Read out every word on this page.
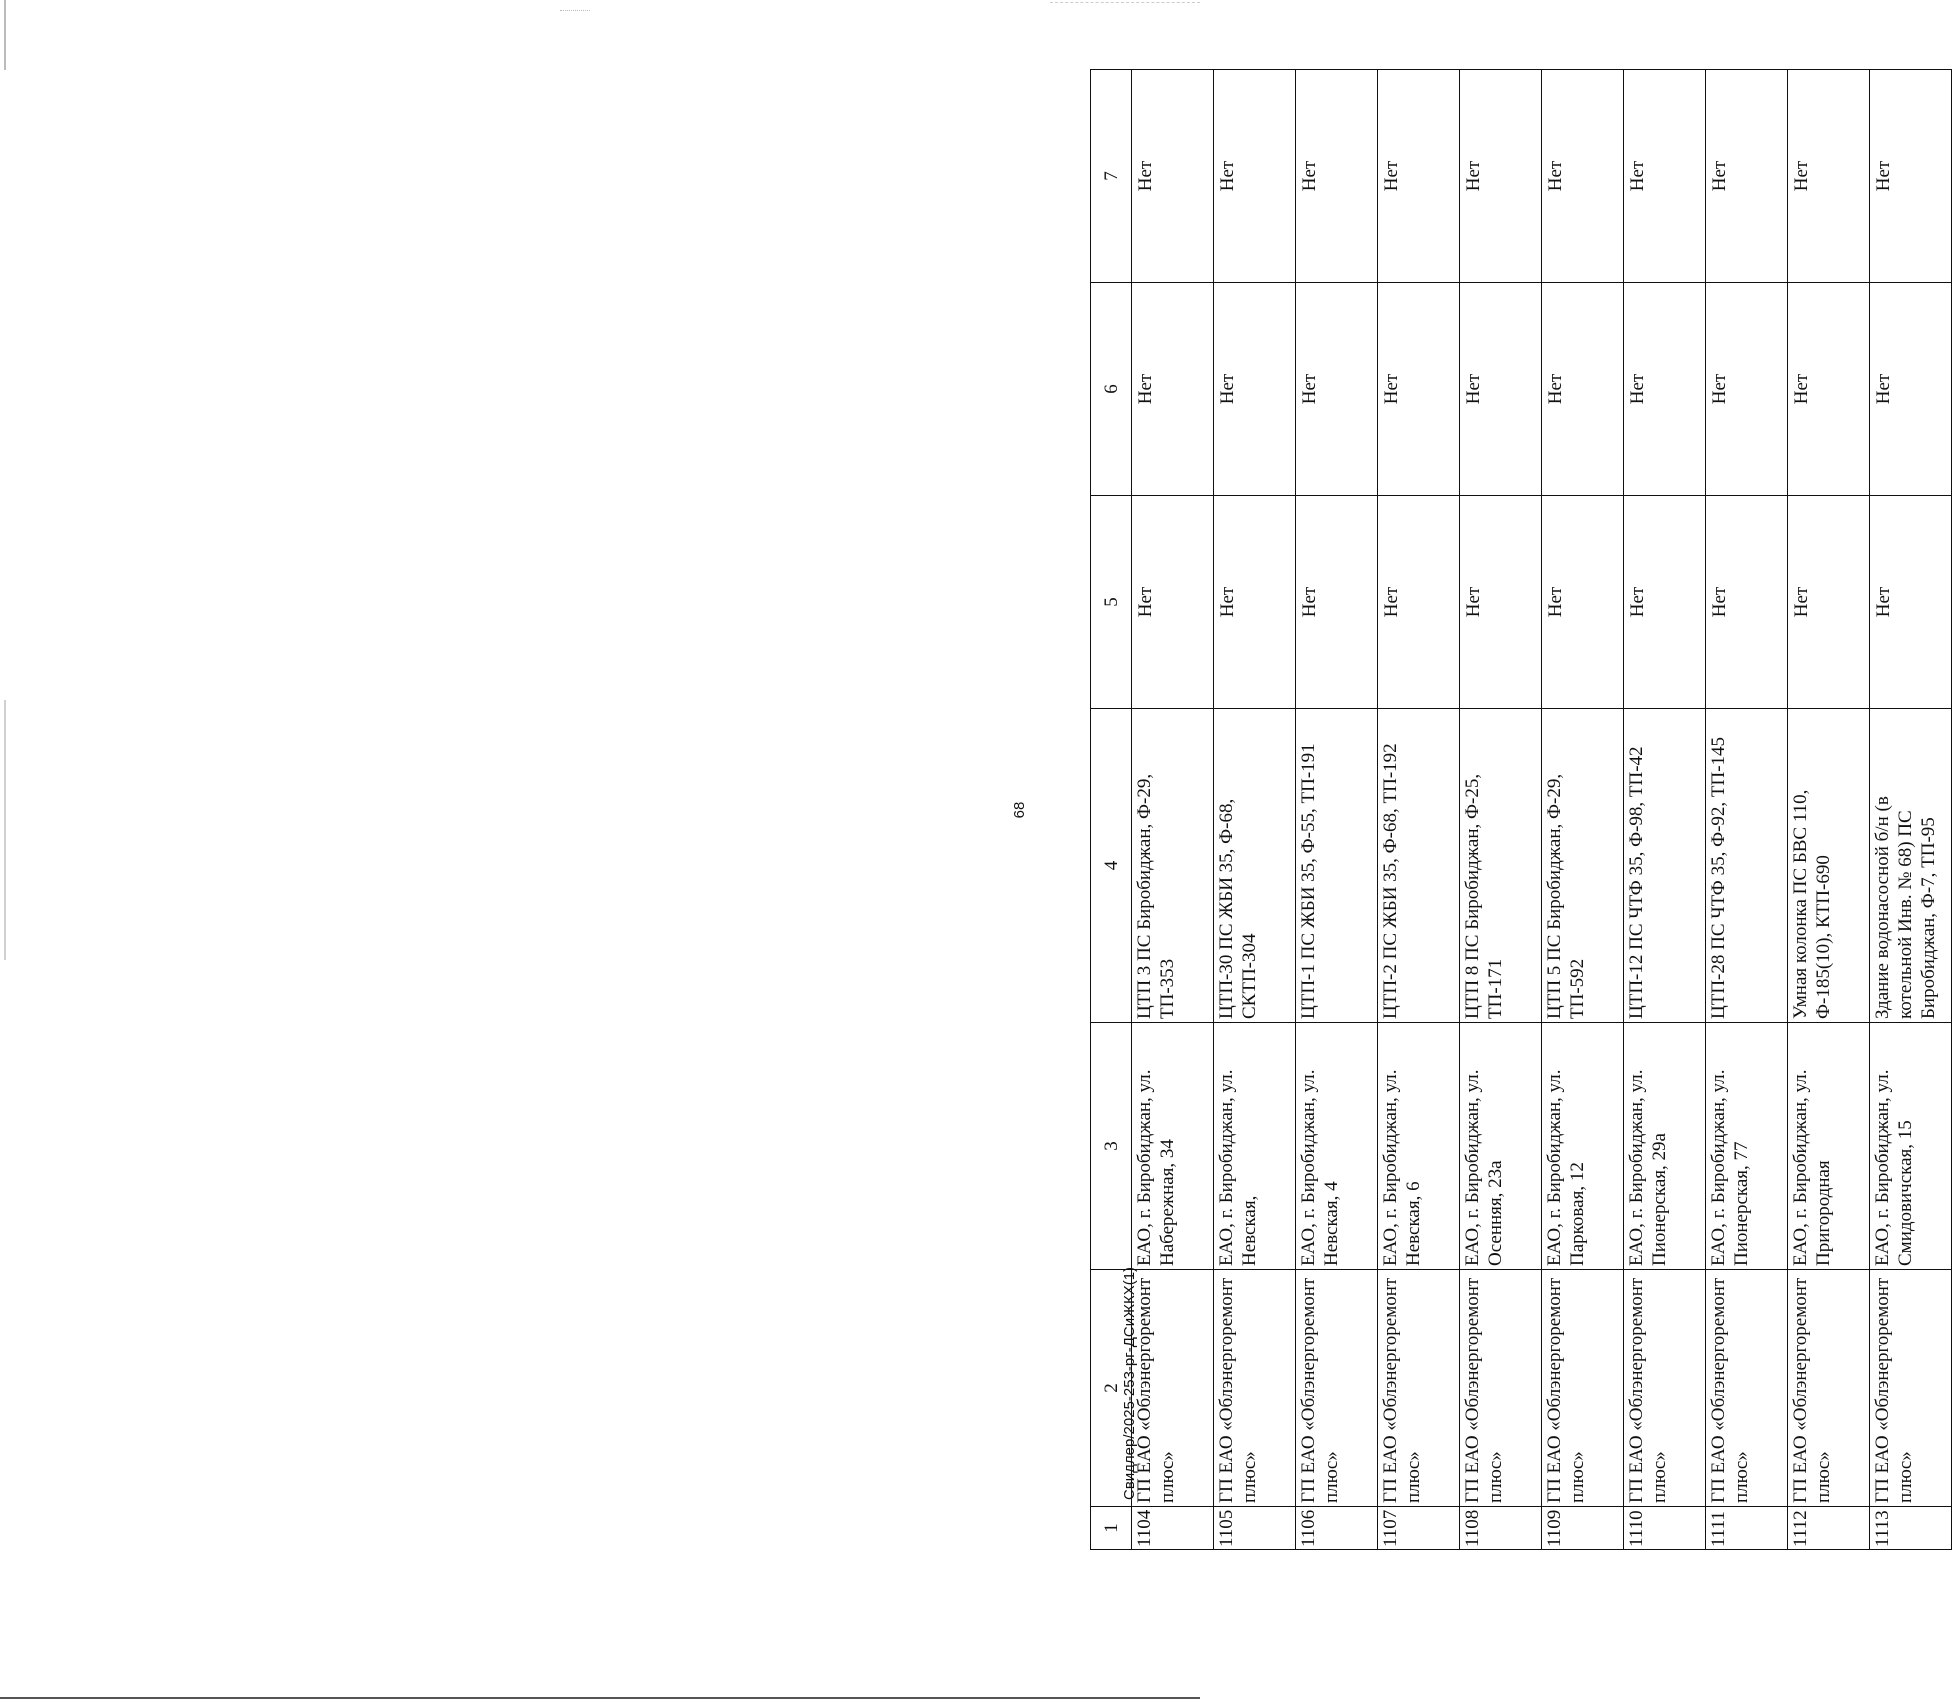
68
1	2	3	4	5	6	7
1104	ГП ЕАО «Облэнергоремонт плюс»	ЕАО, г. Биробиджан, ул. Набережная, 34	ЦТП 3 ПС Биробиджан, Ф-29, ТП-353	Нет	Нет	Нет
1105	ГП ЕАО «Облэнергоремонт плюс»	ЕАО, г. Биробиджан, ул. Невская,	ЦТП-30 ПС ЖБИ 35, Ф-68, СКТП-304	Нет	Нет	Нет
1106	ГП ЕАО «Облэнергоремонт плюс»	ЕАО, г. Биробиджан, ул. Невская, 4	ЦТП-1 ПС ЖБИ 35, Ф-55, ТП-191	Нет	Нет	Нет
1107	ГП ЕАО «Облэнергоремонт плюс»	ЕАО, г. Биробиджан, ул. Невская, 6	ЦТП-2 ПС ЖБИ 35, Ф-68, ТП-192	Нет	Нет	Нет
1108	ГП ЕАО «Облэнергоремонт плюс»	ЕАО, г. Биробиджан, ул. Осенняя, 23а	ЦТП 8 ПС Биробиджан, Ф-25, ТП-171	Нет	Нет	Нет
1109	ГП ЕАО «Облэнергоремонт плюс»	ЕАО, г. Биробиджан, ул. Парковая, 12	ЦТП 5 ПС Биробиджан, Ф-29, ТП-592	Нет	Нет	Нет
1110	ГП ЕАО «Облэнергоремонт плюс»	ЕАО, г. Биробиджан, ул. Пионерская, 29а	ЦТП-12 ПС ЧТФ 35, Ф-98, ТП-42	Нет	Нет	Нет
1111	ГП ЕАО «Облэнергоремонт плюс»	ЕАО, г. Биробиджан, ул. Пионерская, 77	ЦТП-28 ПС ЧТФ 35, Ф-92, ТП-145	Нет	Нет	Нет
1112	ГП ЕАО «Облэнергоремонт плюс»	ЕАО, г. Биробиджан, ул. Пригородная	Умная колонка ПС БВС 110, Ф-185(10), КТП-690	Нет	Нет	Нет
1113	ГП ЕАО «Облэнергоремонт плюс»	ЕАО, г. Биробиджан, ул. Смидовичская, 15	Здание водонасосной б/н (в котельной Инв. № 68) ПС Биробиджан, Ф-7, ТП-95	Нет	Нет	Нет
Свидлер/2025-253-рг-ДСиЖКХ(1)
